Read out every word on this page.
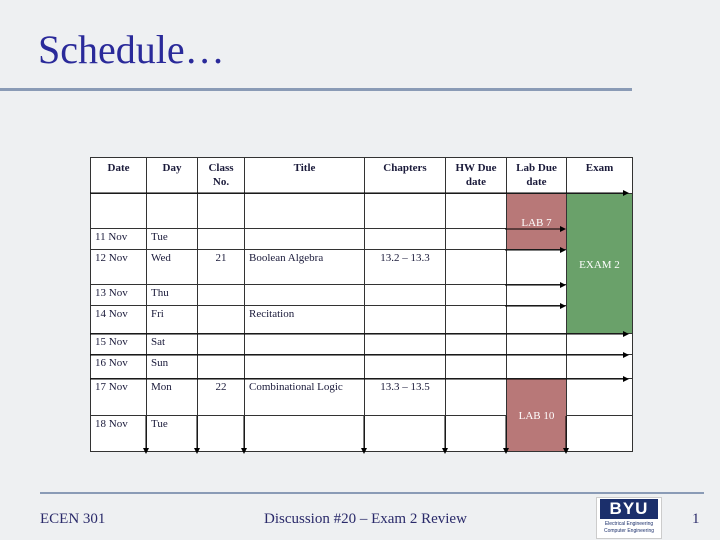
Schedule…
Date	Day	Class No.	Title	Chapters	HW Due date	Lab Due date	Exam
10 Nov	Mon	20	Exam Review			LAB 7	EXAM 2
11 Nov	Tue						
12 Nov	Wed	21	Boolean Algebra	13.2 – 13.3			
13 Nov	Thu						
14 Nov	Fri		Recitation				
15 Nov	Sat						
16 Nov	Sun						
17 Nov	Mon	22	Combinational Logic	13.3 – 13.5		LAB 10	
18 Nov	Tue						
ECEN 301	Discussion #20 – Exam 2 Review
BYU
Electrical Engineering
Computer Engineering
1
